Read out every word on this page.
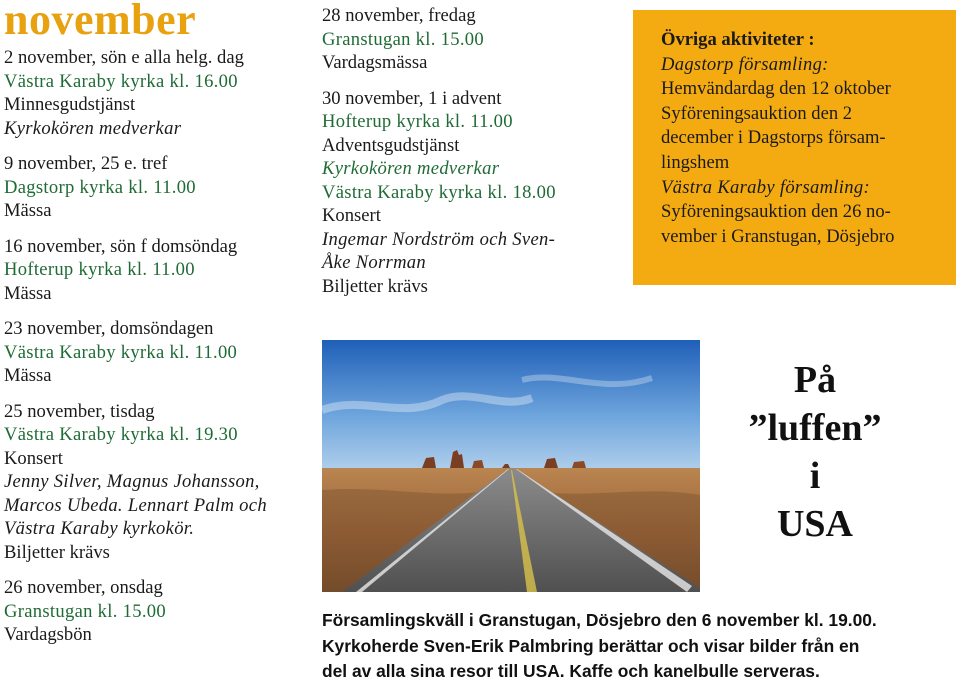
november
2 november, sön e alla helg. dag
Västra Karaby kyrka kl. 16.00
Minnesgudstjänst
Kyrkokören medverkar
9 november, 25 e. tref
Dagstorp kyrka kl. 11.00
Mässa
16 november, sön f domsöndag
Hofterup kyrka kl. 11.00
Mässa
23 november, domsöndagen
Västra Karaby kyrka kl. 11.00
Mässa
25 november, tisdag
Västra Karaby kyrka kl. 19.30
Konsert
Jenny Silver, Magnus Johansson,
Marcos Ubeda. Lennart Palm och
Västra Karaby kyrkokör.
Biljetter krävs
26 november, onsdag
Granstugan kl. 15.00
Vardagsbön
28 november, fredag
Granstugan kl. 15.00
Vardagsmässa
30 november, 1 i advent
Hofterup kyrka kl. 11.00
Adventsgudstjänst
Kyrkokören medverkar
Västra Karaby kyrka kl. 18.00
Konsert
Ingemar Nordström och Sven-
Åke Norrman
Biljetter krävs
Övriga aktiviteter :
Dagstorp församling:
Hemvändardag den 12 oktober
Syföreningsauktion den 2
december i Dagstorps försam-
lingshem
Västra Karaby församling:
Syföreningsauktion den 26 no-
vember i Granstugan, Dösjebro
På
”luffen”
i
USA
Församlingskväll i Granstugan, Dösjebro den 6 november kl. 19.00.
Kyrkoherde Sven-Erik Palmbring berättar och visar bilder från en
del av alla sina resor till USA. Kaffe och kanelbulle serveras.
